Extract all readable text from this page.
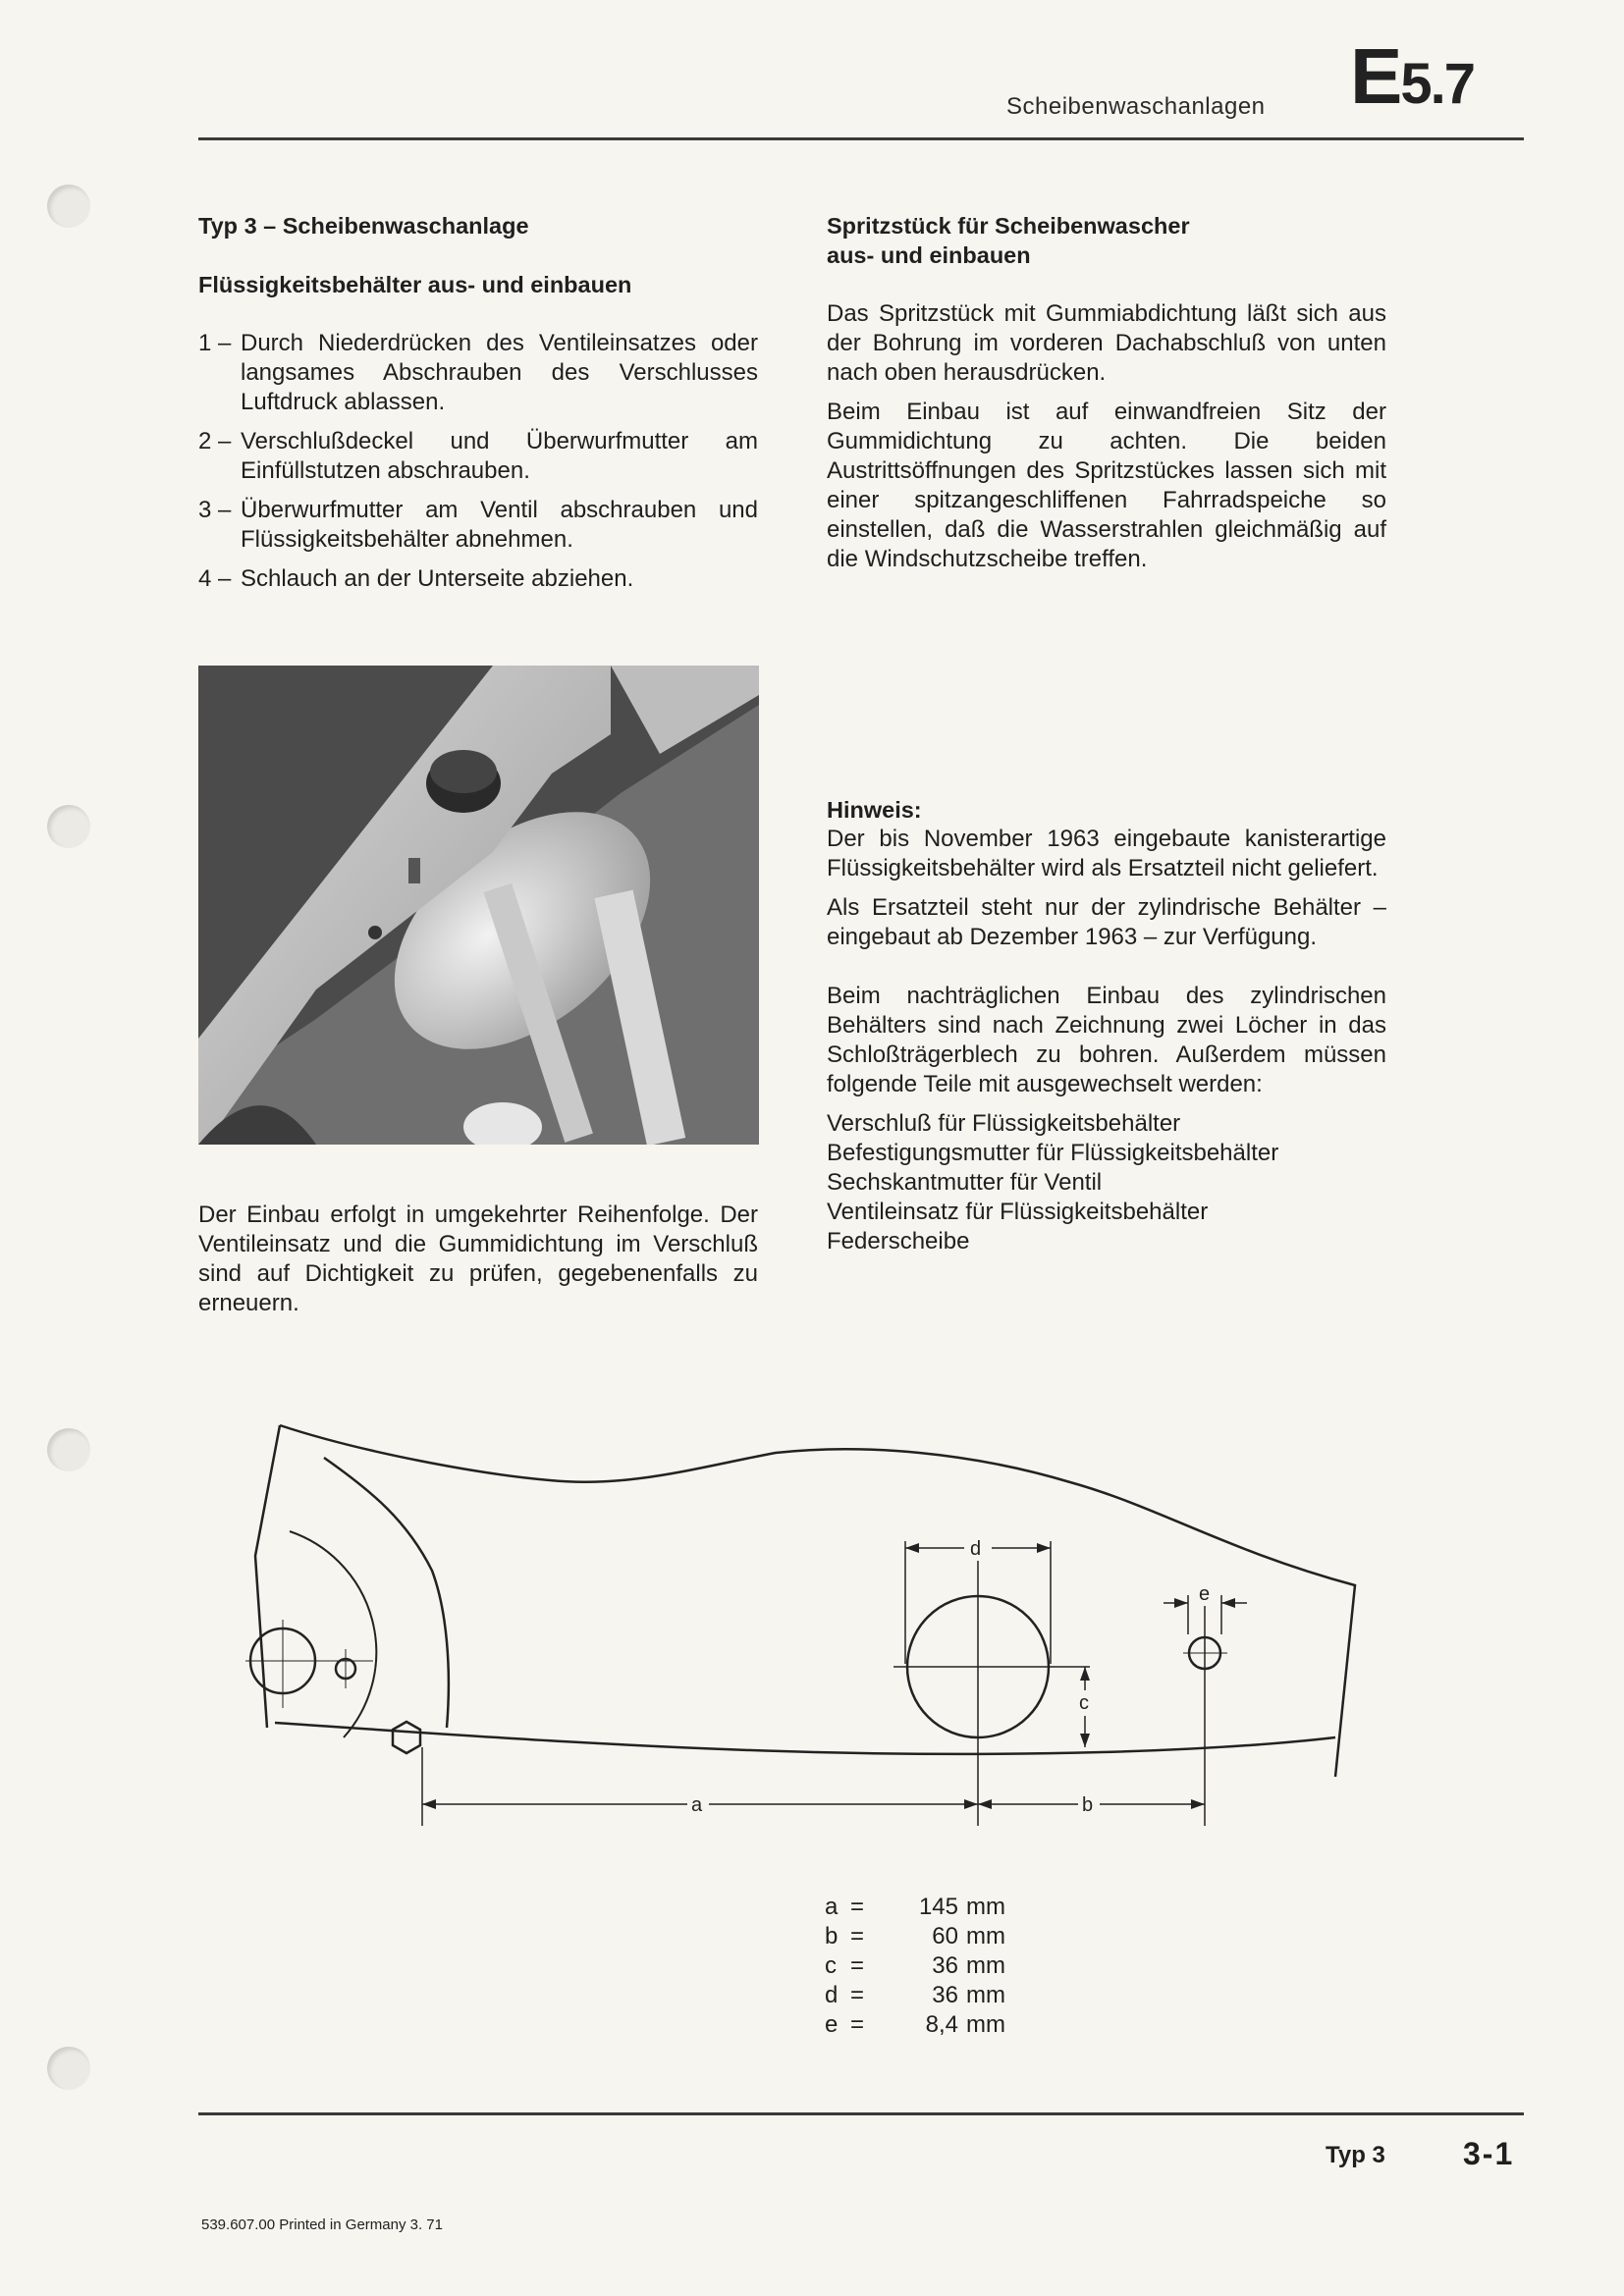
Scheibenwaschanlagen E5.7
Typ 3 – Scheibenwaschanlage
Flüssigkeitsbehälter aus- und einbauen
1 – Durch Niederdrücken des Ventileinsatzes oder langsames Abschrauben des Verschlusses Luftdruck ablassen.
2 – Verschlußdeckel und Überwurfmutter am Einfüllstutzen abschrauben.
3 – Überwurfmutter am Ventil abschrauben und Flüssigkeitsbehälter abnehmen.
4 – Schlauch an der Unterseite abziehen.
Der Einbau erfolgt in umgekehrter Reihenfolge. Der Ventileinsatz und die Gummidichtung im Verschluß sind auf Dichtigkeit zu prüfen, gegebenenfalls zu erneuern.
Spritzstück für Scheibenwascher
aus- und einbauen

Das Spritzstück mit Gummiabdichtung läßt sich aus der Bohrung im vorderen Dachabschluß von unten nach oben herausdrücken.

Beim Einbau ist auf einwandfreien Sitz der Gummidichtung zu achten. Die beiden Austrittsöffnungen des Spritzstückes lassen sich mit einer spitzangeschliffenen Fahrradspeiche so einstellen, daß die Wasserstrahlen gleichmäßig auf die Windschutzscheibe treffen.

Hinweis:

Der bis November 1963 eingebaute kanisterartige Flüssigkeitsbehälter wird als Ersatzteil nicht geliefert.

Als Ersatzteil steht nur der zylindrische Behälter – eingebaut ab Dezember 1963 – zur Verfügung.

Beim nachträglichen Einbau des zylindrischen Behälters sind nach Zeichnung zwei Löcher in das Schloßträgerblech zu bohren. Außerdem müssen folgende Teile mit ausgewechselt werden:

Verschluß für Flüssigkeitsbehälter
Befestigungsmutter für Flüssigkeitsbehälter
Sechskantmutter für Ventil
Ventileinsatz für Flüssigkeitsbehälter
Federscheibe
d
e
c
a	b
a =	145 mm
b =	60 mm
c =	36 mm
d =	36 mm
e =	8,4 mm
Typ 3 3-1
539.607.00 Printed in Germany 3. 71
